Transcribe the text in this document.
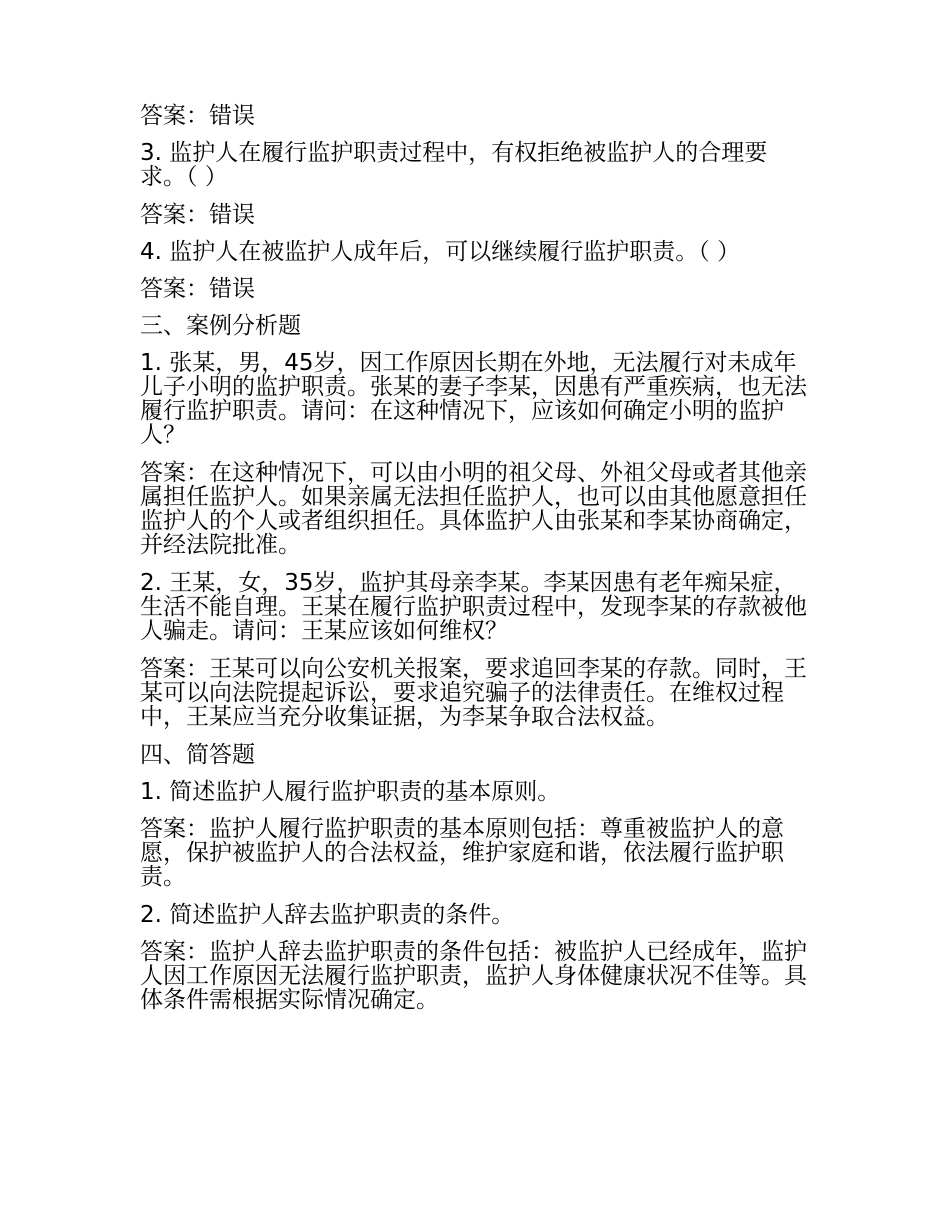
答案：错误

3. 监护人在履行监护职责过程中，有权拒绝被监护人的合理要求。（ ）

答案：错误

4. 监护人在被监护人成年后，可以继续履行监护职责。（ ）

答案：错误

三、案例分析题

1. 张某，男，45岁，因工作原因长期在外地，无法履行对未成年儿子小明的监护职责。张某的妻子李某，因患有严重疾病，也无法履行监护职责。请问：在这种情况下，应该如何确定小明的监护人？

答案：在这种情况下，可以由小明的祖父母、外祖父母或者其他亲属担任监护人。如果亲属无法担任监护人，也可以由其他愿意担任监护人的个人或者组织担任。具体监护人由张某和李某协商确定，并经法院批准。

2. 王某，女，35岁，监护其母亲李某。李某因患有老年痴呆症，生活不能自理。王某在履行监护职责过程中，发现李某的存款被他人骗走。请问：王某应该如何维权？

答案：王某可以向公安机关报案，要求追回李某的存款。同时，王某可以向法院提起诉讼，要求追究骗子的法律责任。在维权过程中，王某应当充分收集证据，为李某争取合法权益。

四、简答题

1. 简述监护人履行监护职责的基本原则。

答案：监护人履行监护职责的基本原则包括：尊重被监护人的意愿，保护被监护人的合法权益，维护家庭和谐，依法履行监护职责。

2. 简述监护人辞去监护职责的条件。

答案：监护人辞去监护职责的条件包括：被监护人已经成年，监护人因工作原因无法履行监护职责，监护人身体健康状况不佳等。具体条件需根据实际情况确定。
